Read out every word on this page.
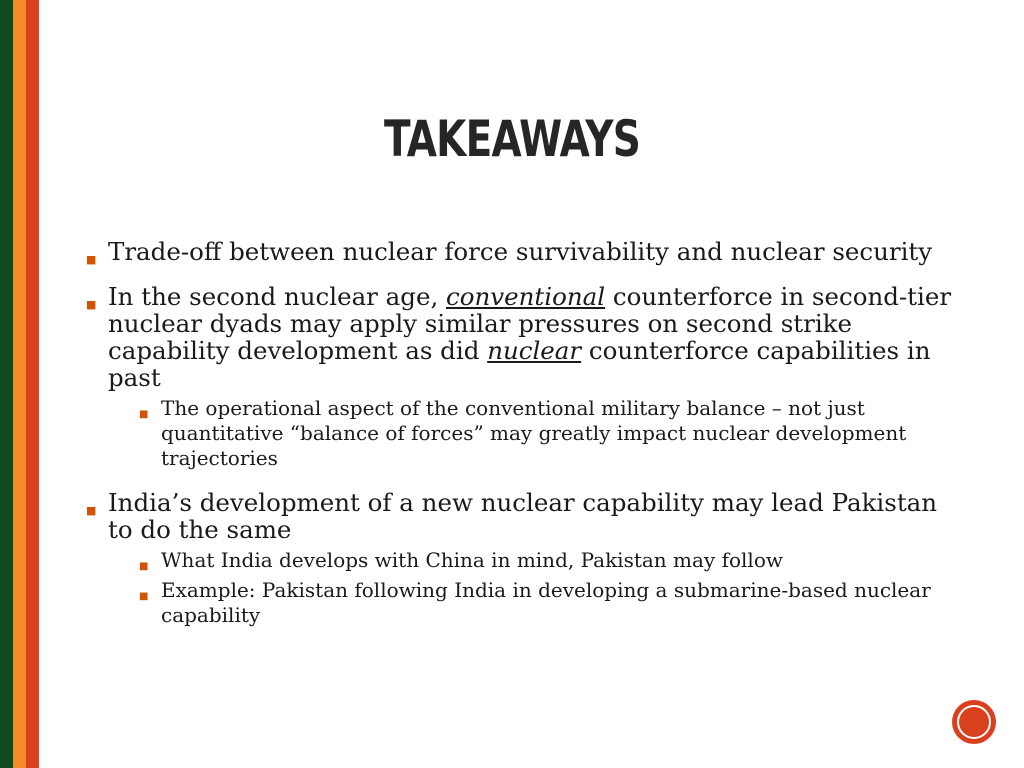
TAKEAWAYS
■ Trade-off between nuclear force survivability and nuclear security
■ In the second nuclear age, conventional counterforce in second-tier nuclear dyads may apply similar pressures on second strike capability development as did nuclear counterforce capabilities in past
■ The operational aspect of the conventional military balance – not just quantitative “balance of forces” may greatly impact nuclear development trajectories
■ India’s development of a new nuclear capability may lead Pakistan to do the same
■ What India develops with China in mind, Pakistan may follow
■ Example: Pakistan following India in developing a submarine-based nuclear capability
